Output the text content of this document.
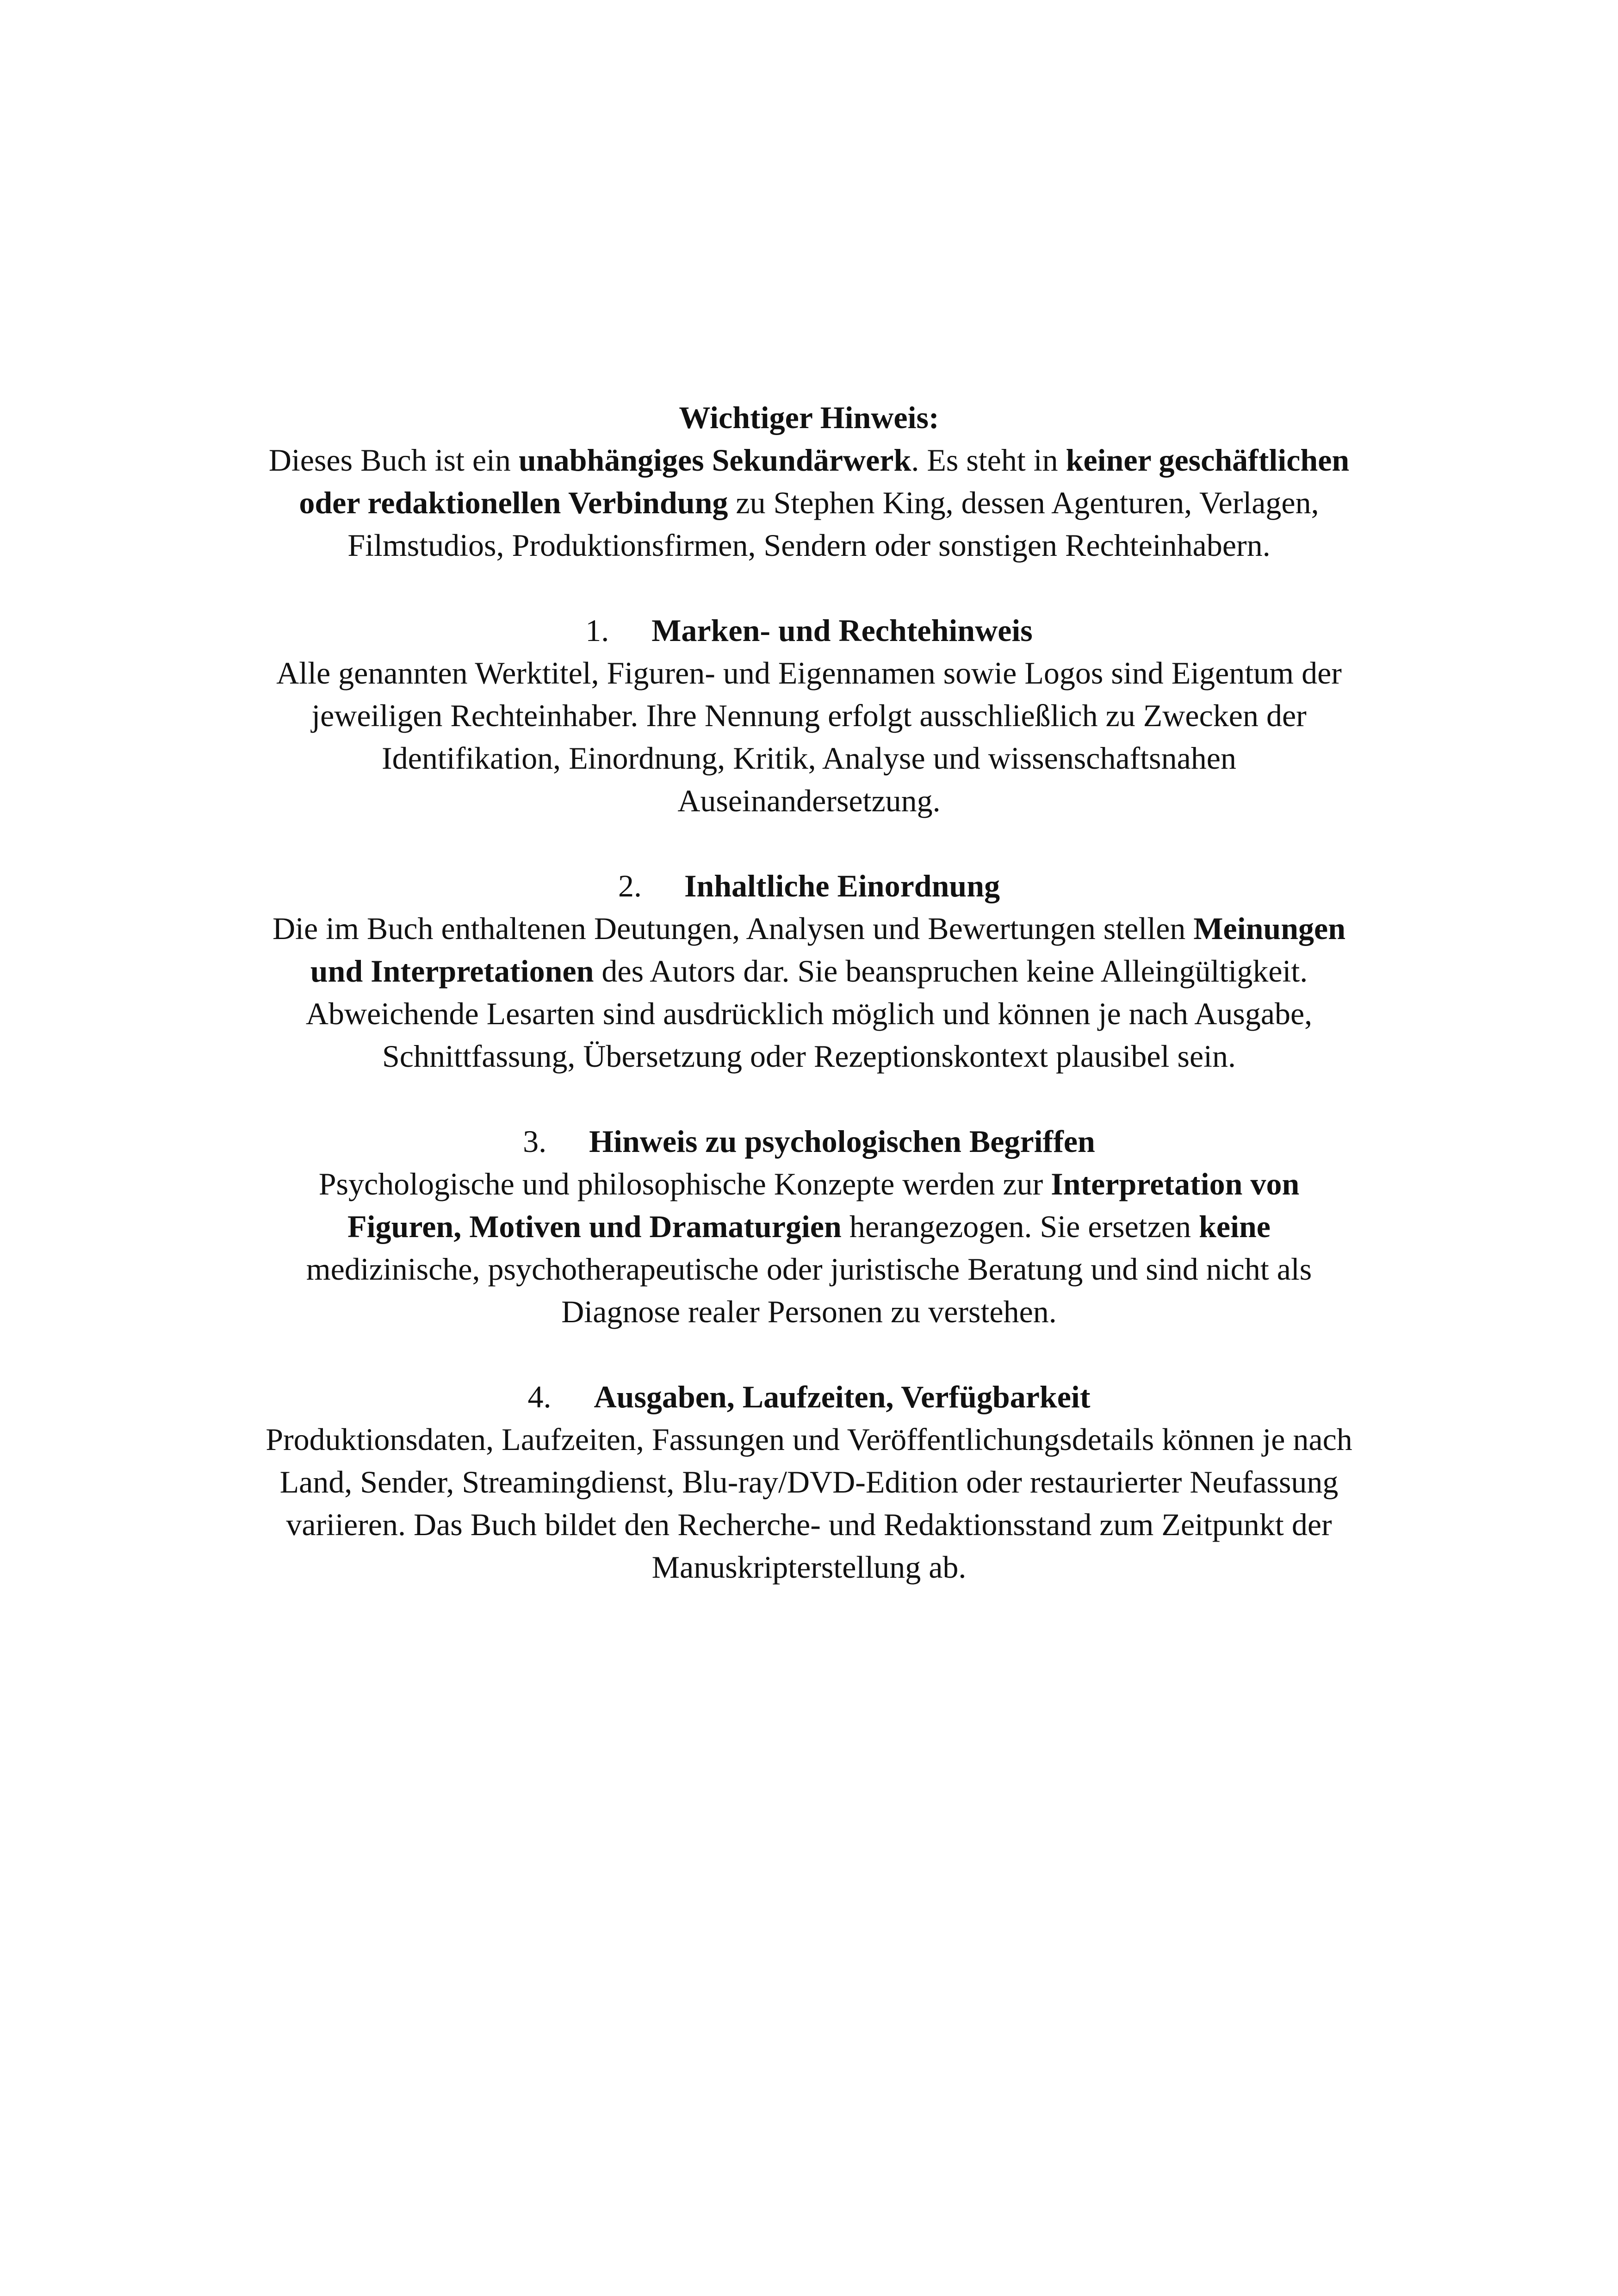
Wichtiger Hinweis:

Dieses Buch ist ein unabhängiges Sekundärwerk. Es steht in keiner geschäftlichen oder redaktionellen Verbindung zu Stephen King, dessen Agenturen, Verlagen, Filmstudios, Produktionsfirmen, Sendern oder sonstigen Rechteinhabern.

1. Marken- und Rechtehinweis

Alle genannten Werktitel, Figuren- und Eigennamen sowie Logos sind Eigentum der jeweiligen Rechteinhaber. Ihre Nennung erfolgt ausschließlich zu Zwecken der Identifikation, Einordnung, Kritik, Analyse und wissenschaftsnahen Auseinandersetzung.

2. Inhaltliche Einordnung

Die im Buch enthaltenen Deutungen, Analysen und Bewertungen stellen Meinungen und Interpretationen des Autors dar. Sie beanspruchen keine Alleingültigkeit. Abweichende Lesarten sind ausdrücklich möglich und können je nach Ausgabe, Schnittfassung, Übersetzung oder Rezeptionskontext plausibel sein.

3. Hinweis zu psychologischen Begriffen

Psychologische und philosophische Konzepte werden zur Interpretation von Figuren, Motiven und Dramaturgien herangezogen. Sie ersetzen keine medizinische, psychotherapeutische oder juristische Beratung und sind nicht als Diagnose realer Personen zu verstehen.

4. Ausgaben, Laufzeiten, Verfügbarkeit

Produktionsdaten, Laufzeiten, Fassungen und Veröffentlichungsdetails können je nach Land, Sender, Streamingdienst, Blu-ray/DVD-Edition oder restaurierter Neufassung variieren. Das Buch bildet den Recherche- und Redaktionsstand zum Zeitpunkt der Manuskripterstellung ab.
